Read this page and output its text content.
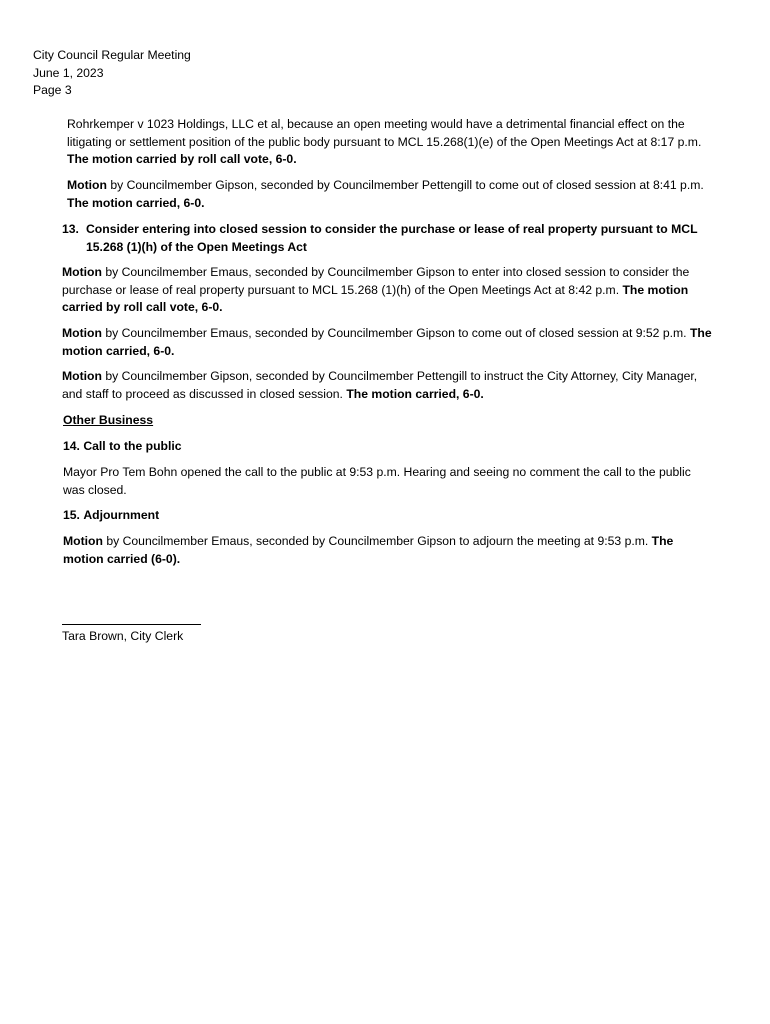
City Council Regular Meeting
June 1, 2023
Page 3

Rohrkemper v 1023 Holdings, LLC et al, because an open meeting would have a detrimental financial effect on the litigating or settlement position of the public body pursuant to MCL 15.268(1)(e) of the Open Meetings Act at 8:17 p.m. The motion carried by roll call vote, 6-0.

Motion by Councilmember Gipson, seconded by Councilmember Pettengill to come out of closed session at 8:41 p.m. The motion carried, 6-0.

13. Consider entering into closed session to consider the purchase or lease of real property pursuant to MCL 15.268 (1)(h) of the Open Meetings Act

Motion by Councilmember Emaus, seconded by Councilmember Gipson to enter into closed session to consider the purchase or lease of real property pursuant to MCL 15.268 (1)(h) of the Open Meetings Act at 8:42 p.m. The motion carried by roll call vote, 6-0.

Motion by Councilmember Emaus, seconded by Councilmember Gipson to come out of closed session at 9:52 p.m. The motion carried, 6-0.

Motion by Councilmember Gipson, seconded by Councilmember Pettengill to instruct the City Attorney, City Manager, and staff to proceed as discussed in closed session. The motion carried, 6-0.

Other Business
14. Call to the public

Mayor Pro Tem Bohn opened the call to the public at 9:53 p.m. Hearing and seeing no comment the call to the public was closed.

15. Adjournment

Motion by Councilmember Emaus, seconded by Councilmember Gipson to adjourn the meeting at 9:53 p.m. The motion carried (6-0).

Tara Brown, City Clerk
